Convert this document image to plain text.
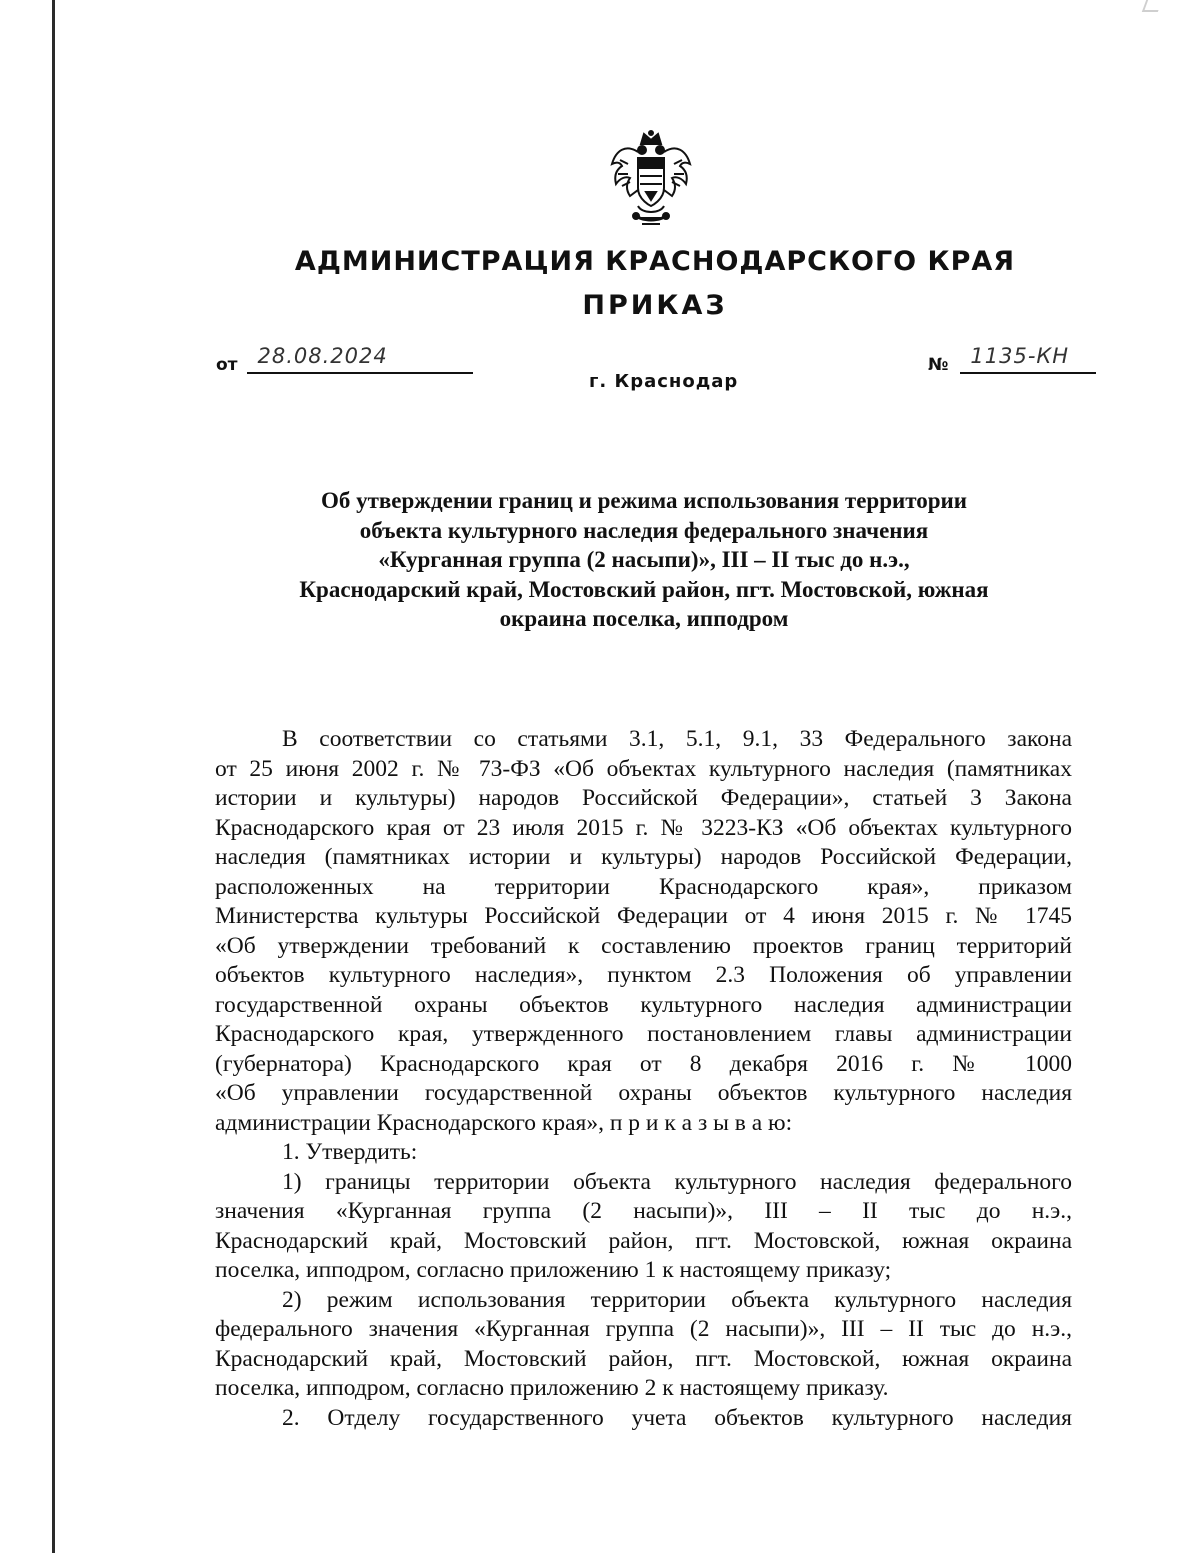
АДМИНИСТРАЦИЯ КРАСНОДАРСКОГО КРАЯ
ПРИКАЗ
от 28.08.2024	№ 1135-КН
г. Краснодар
Об утверждении границ и режима использования территории
объекта культурного наследия федерального значения
«Курганная группа (2 насыпи)», III – II тыс до н.э.,
Краснодарский край, Мостовский район, пгт. Мостовской, южная
окраина поселка, ипподром
В соответствии со статьями 3.1, 5.1, 9.1, 33 Федерального закона
от 25 июня 2002 г. № 73-ФЗ «Об объектах культурного наследия (памятниках
истории и культуры) народов Российской Федерации», статьей 3 Закона
Краснодарского края от 23 июля 2015 г. № 3223-КЗ «Об объектах культурного
наследия (памятниках истории и культуры) народов Российской Федерации,
расположенных на территории Краснодарского края», приказом
Министерства культуры Российской Федерации от 4 июня 2015 г. № 1745
«Об утверждении требований к составлению проектов границ территорий
объектов культурного наследия», пунктом 2.3 Положения об управлении
государственной охраны объектов культурного наследия администрации
Краснодарского края, утвержденного постановлением главы администрации
(губернатора) Краснодарского края от 8 декабря 2016 г. № 1000
«Об управлении государственной охраны объектов культурного наследия
администрации Краснодарского края», п р и к а з ы в а ю:
1. Утвердить:
1) границы территории объекта культурного наследия федерального
значения «Курганная группа (2 насыпи)», III – II тыс до н.э.,
Краснодарский край, Мостовский район, пгт. Мостовской, южная окраина
поселка, ипподром, согласно приложению 1 к настоящему приказу;
2) режим использования территории объекта культурного наследия
федерального значения «Курганная группа (2 насыпи)», III – II тыс до н.э.,
Краснодарский край, Мостовский район, пгт. Мостовской, южная окраина
поселка, ипподром, согласно приложению 2 к настоящему приказу.
2. Отделу государственного учета объектов культурного наследия
